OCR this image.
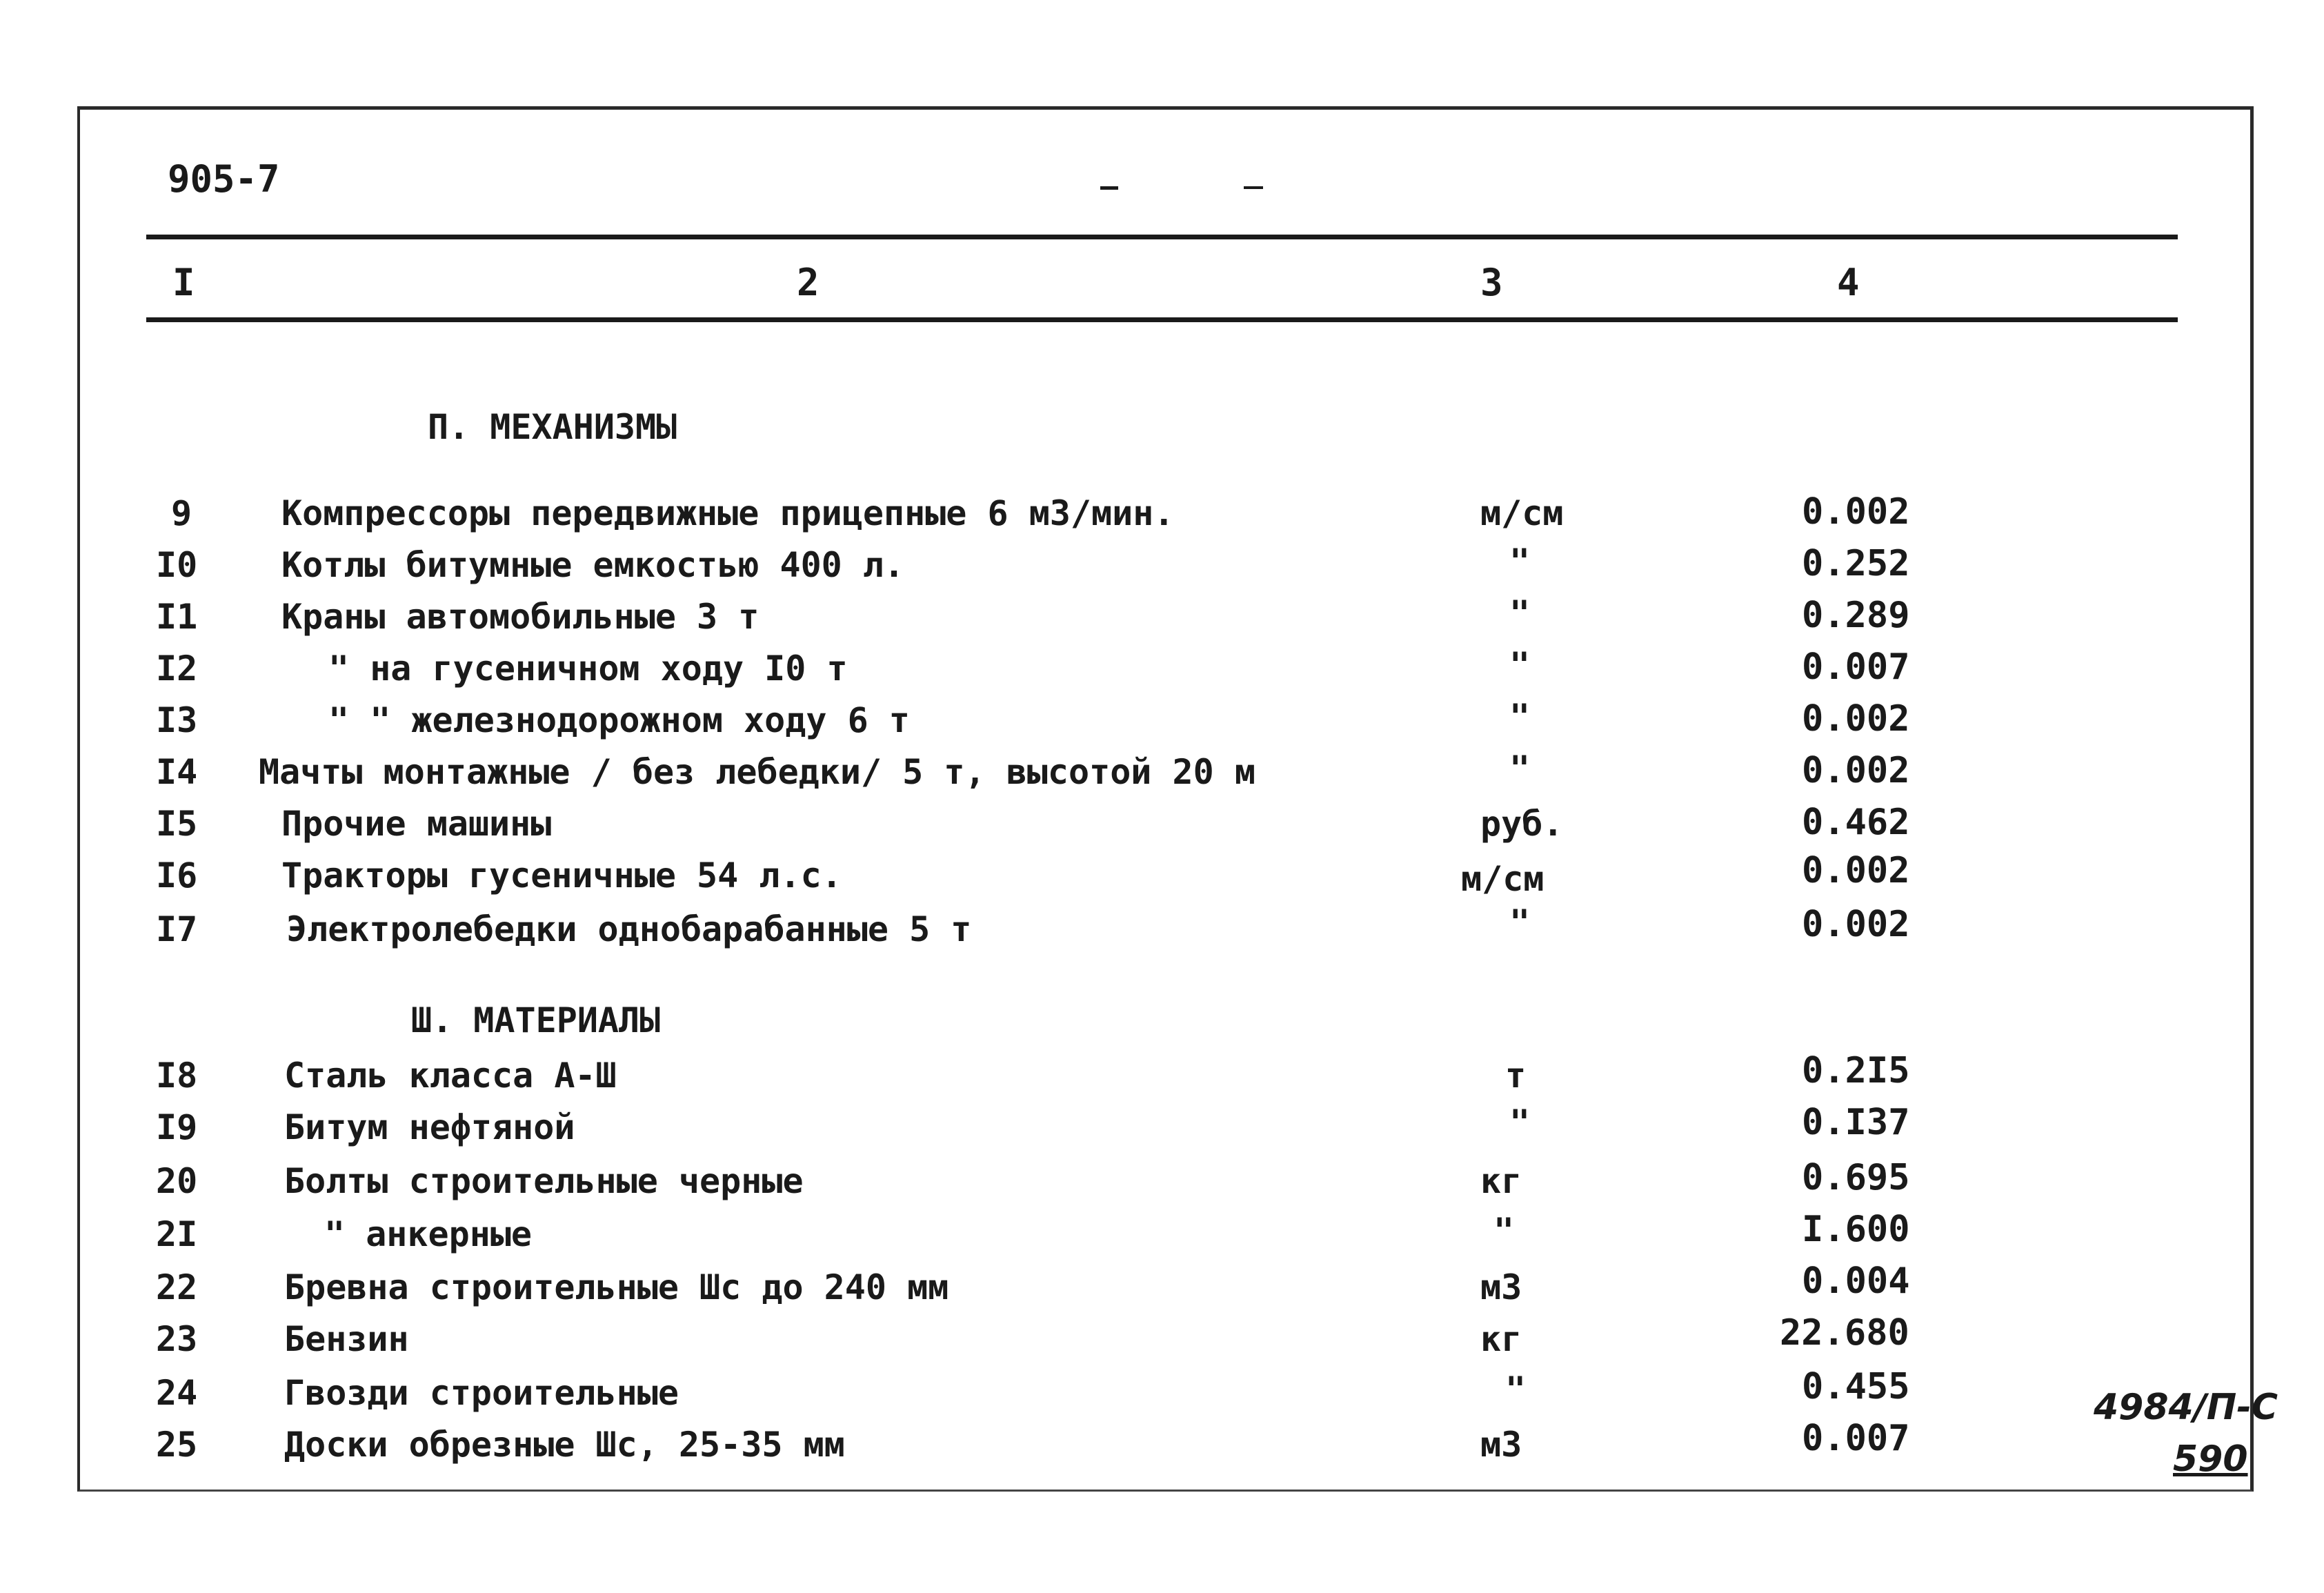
905-7
I	2	3	4
П. МЕХАНИЗМЫ
9	Компрессоры передвижные прицепные 6 м3/мин.	м/см	0.002
I0 Котлы битумные емкостью 400 л.	"	0.252
I1 Краны автомобильные 3 т	"	0.289
I2	" на гусеничном ходу I0 т	"	0.007
I3	" " железнодорожном ходу 6 т	"	0.002
I4 Мачты монтажные / без лебедки/ 5 т, высотой 20 м	"	0.002
I5 Прочие машины	руб.	0.462
I6 Тракторы гусеничные 54 л.с.	м/см	0.002
I7	Электролебедки однобарабанные 5 т	"	0.002
Ш. МАТЕРИАЛЫ
I8	Сталь класса А-Ш	т	0.2I5
I9	Битум нефтяной	"	0.I37
20	Болты строительные черные	кг	0.695
2I	" анкерные	"	I.600
22	Бревна строительные Шс до 240 мм	м3	0.004
23	Бензин	кг	22.680
24	Гвозди строительные	"	0.455
25	Доски обрезные Шс, 25-35 мм	м3	0.007
4984/П-С
590
